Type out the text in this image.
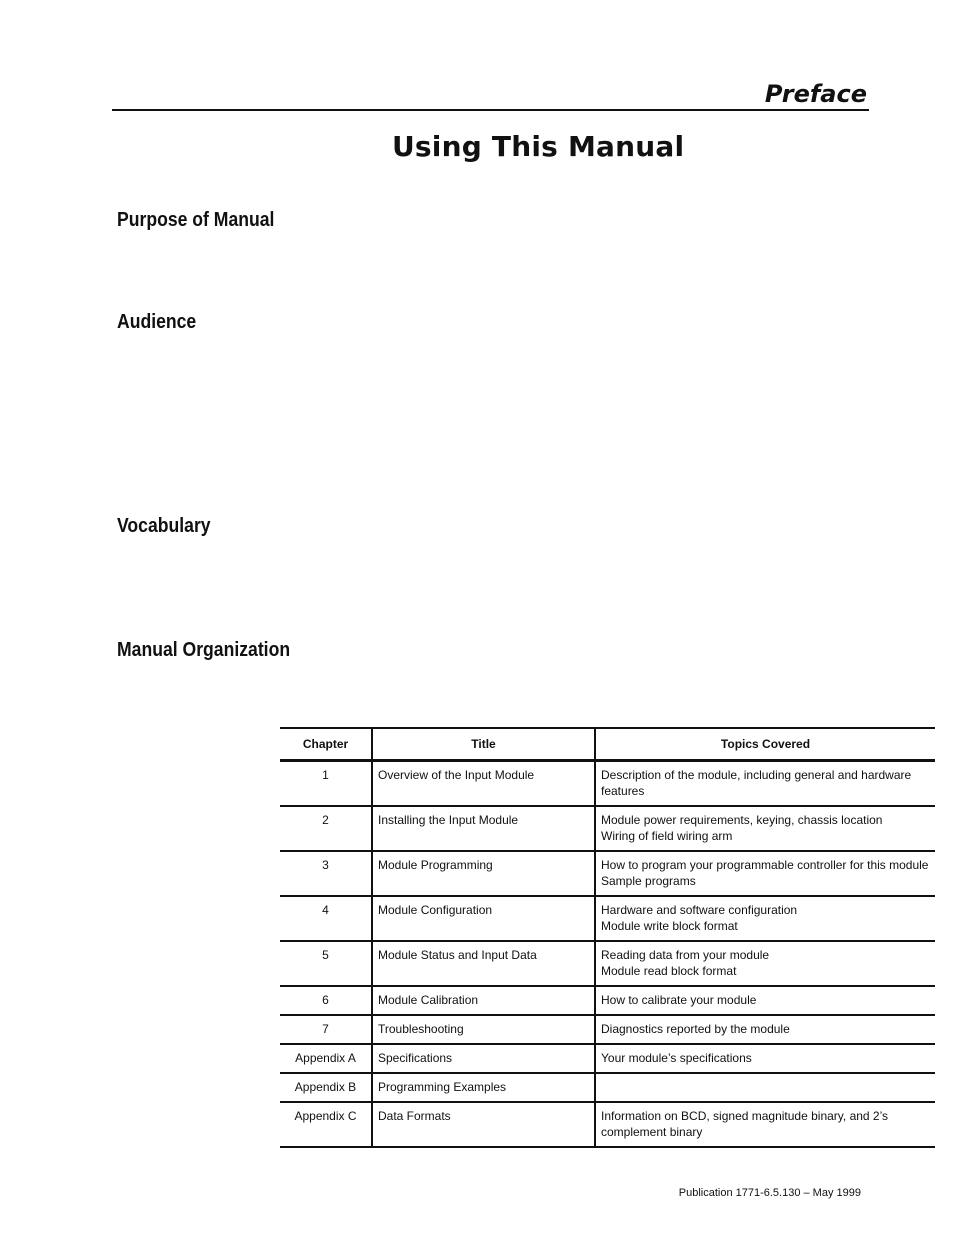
Preface
Using This Manual
Purpose of Manual
Audience
Vocabulary
Manual Organization
Chapter	Title	Topics Covered
1	Overview of the Input Module	Description of the module, including general and hardware features

2	Installing the Input Module	Module power requirements, keying, chassis location
Wiring of field wiring arm

3	Module Programming	How to program your programmable controller for this module
Sample programs

4	Module Configuration	Hardware and software configuration
Module write block format

5	Module Status and Input Data	Reading data from your module
Module read block format

6	Module Calibration	How to calibrate your module

7	Troubleshooting	Diagnostics reported by the module

Appendix A	Specifications	Your module’s specifications

Appendix B	Programming Examples	

Appendix C	Data Formats	Information on BCD, signed magnitude binary, and 2’s complement binary
Publication 1771-6.5.130 – May 1999
